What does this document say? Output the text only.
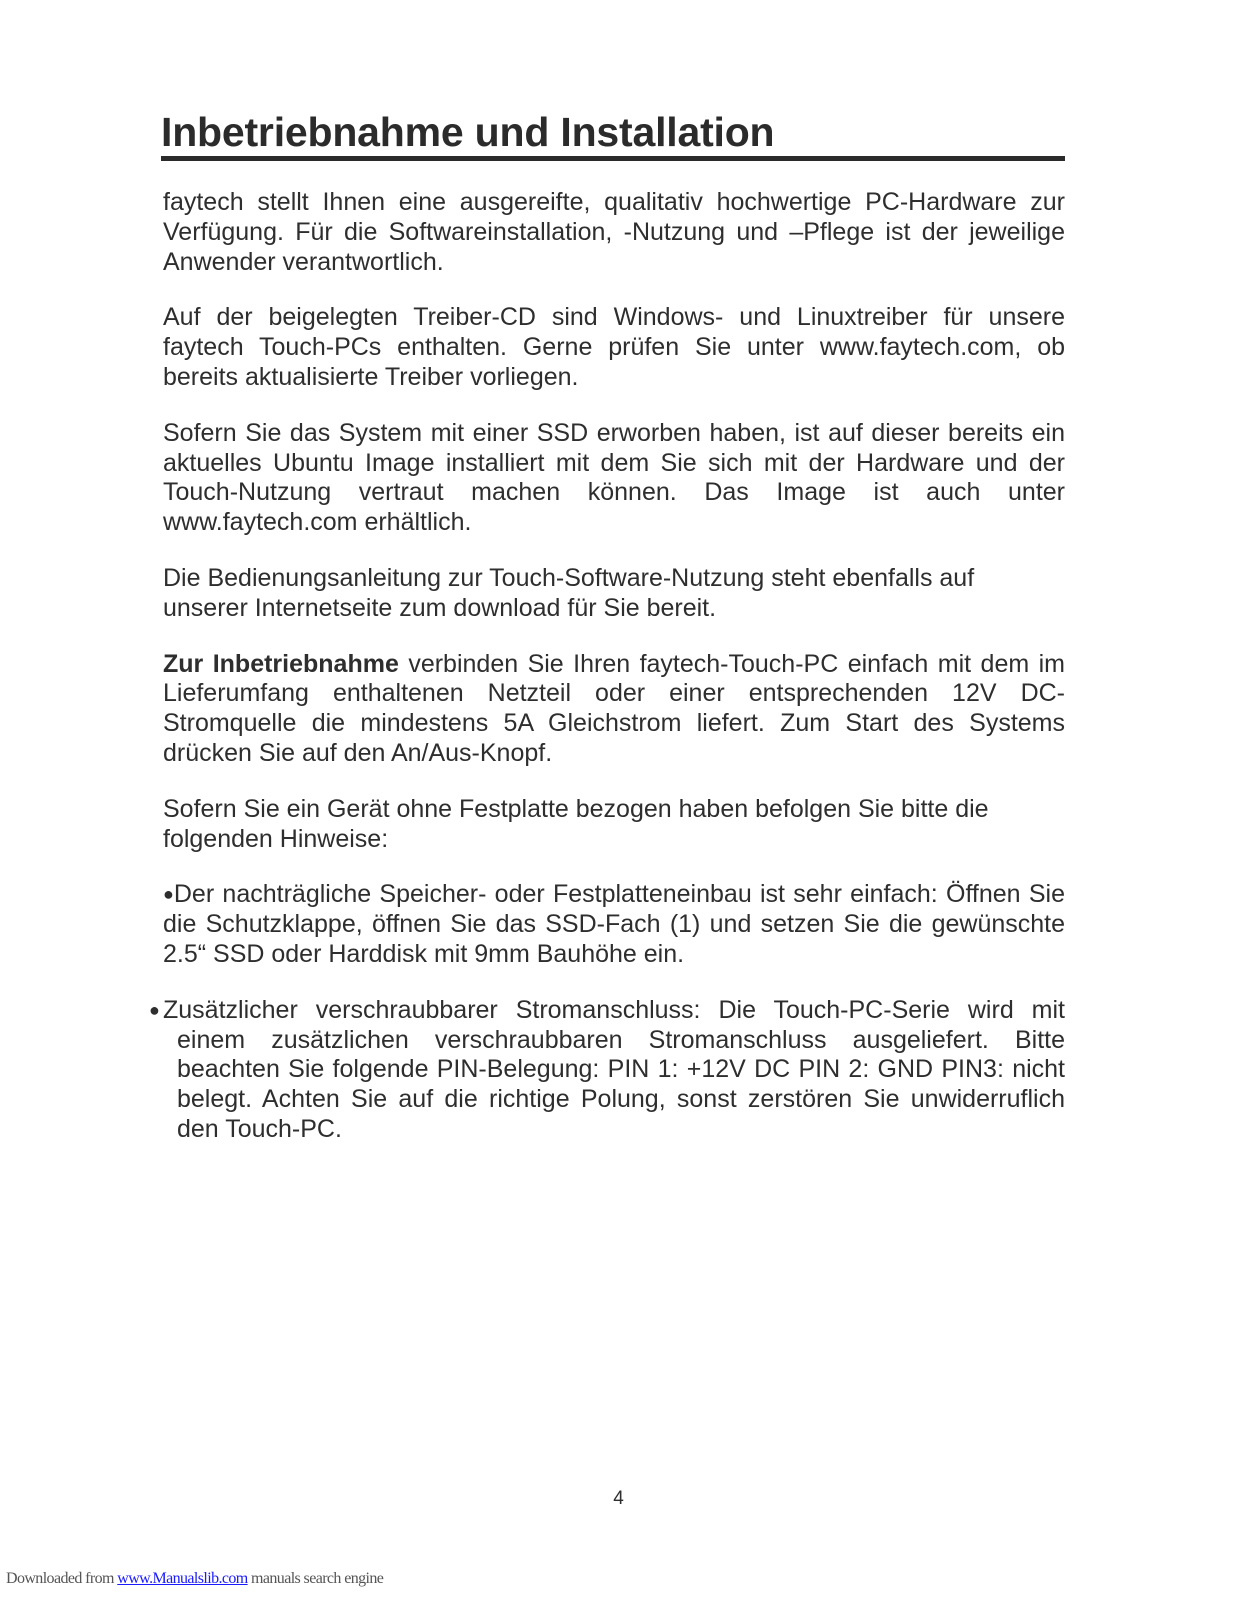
Inbetriebnahme und Installation

faytech stellt Ihnen eine ausgereifte, qualitativ hochwertige PC-Hardware zur Verfügung. Für die Softwareinstallation, -Nutzung und –Pflege ist der jeweilige Anwender verantwortlich.

Auf der beigelegten Treiber-CD sind Windows- und Linuxtreiber für unsere faytech Touch-PCs enthalten. Gerne prüfen Sie unter www.faytech.com, ob bereits aktualisierte Treiber vorliegen.

Sofern Sie das System mit einer SSD erworben haben, ist auf dieser bereits ein aktuelles Ubuntu Image installiert mit dem Sie sich mit der Hardware und der Touch-Nutzung vertraut machen können. Das Image ist auch unter www.faytech.com erhältlich.

Die Bedienungsanleitung zur Touch-Software-Nutzung steht ebenfalls auf unserer Internetseite zum download für Sie bereit.

Zur Inbetriebnahme verbinden Sie Ihren faytech-Touch-PC einfach mit dem im Lieferumfang enthaltenen Netzteil oder einer entsprechenden 12V DC-Stromquelle die mindestens 5A Gleichstrom liefert. Zum Start des Systems drücken Sie auf den An/Aus-Knopf.

Sofern Sie ein Gerät ohne Festplatte bezogen haben befolgen Sie bitte die folgenden Hinweise:

●Der nachträgliche Speicher- oder Festplatteneinbau ist sehr einfach: Öffnen Sie die Schutzklappe, öffnen Sie das SSD-Fach (1) und setzen Sie die gewünschte 2.5“ SSD oder Harddisk mit 9mm Bauhöhe ein.

● Zusätzlicher verschraubbarer Stromanschluss: Die Touch-PC-Serie wird mit einem zusätzlichen verschraubbaren Stromanschluss ausgeliefert. Bitte beachten Sie folgende PIN-Belegung: PIN 1: +12V DC PIN 2: GND PIN3: nicht belegt. Achten Sie auf die richtige Polung, sonst zerstören Sie unwiderruflich den Touch-PC.

4
Downloaded from www.Manualslib.com manuals search engine
